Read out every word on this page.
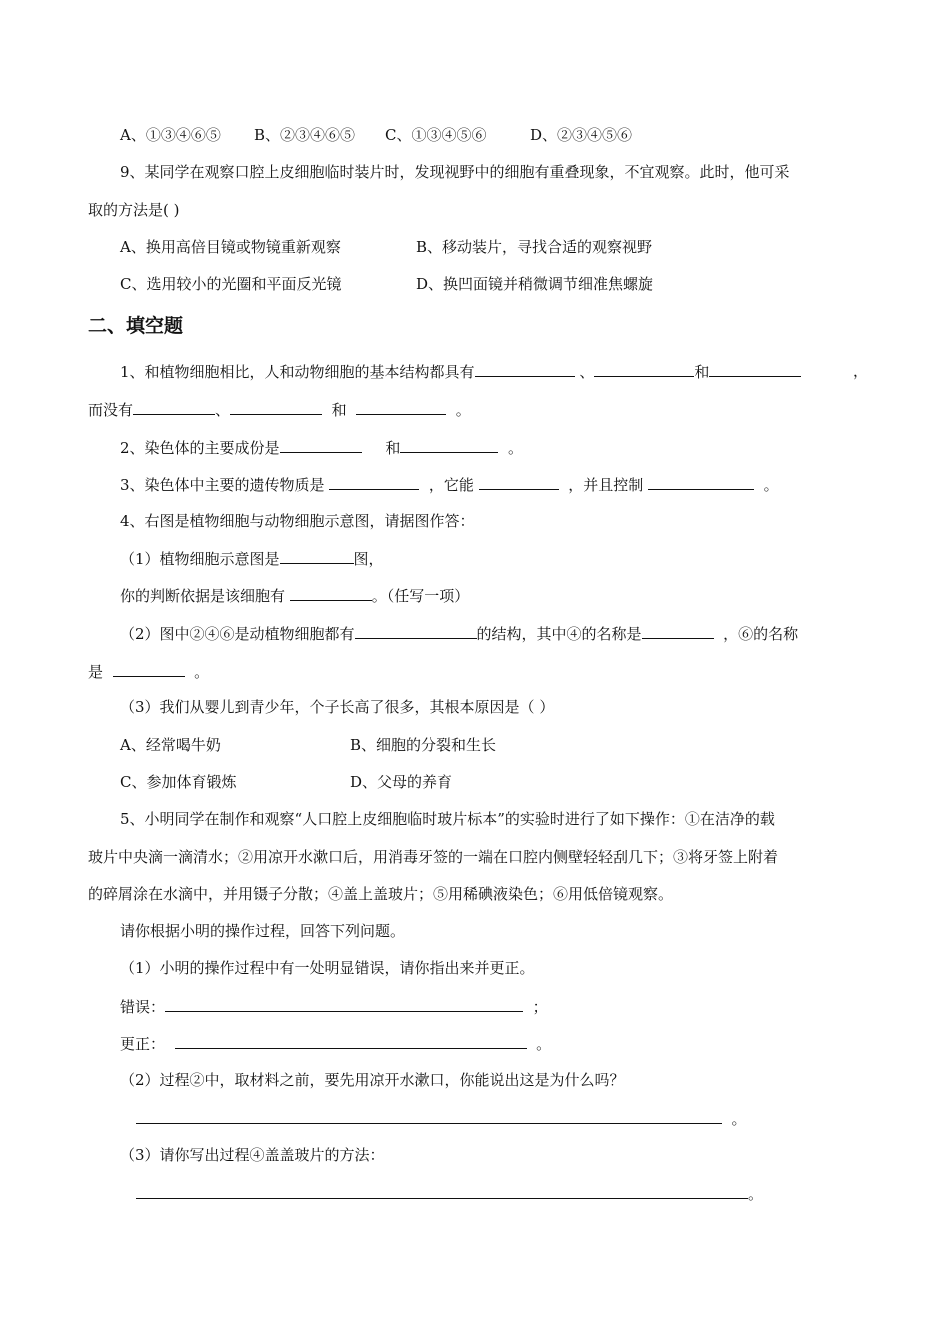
A、①③④⑥⑤ B、②③④⑥⑤ C、①③④⑤⑥	D、②③④⑤⑥
9、某同学在观察口腔上皮细胞临时装片时，发现视野中的细胞有重叠现象，不宜观察。此时，他可采
取的方法是( )
A、换用高倍目镜或物镜重新观察	B、移动装片，寻找合适的观察视野
C、选用较小的光圈和平面反光镜	D、换凹面镜并稍微调节细准焦螺旋
二、填空题
1、和植物细胞相比，人和动物细胞的基本结构都具有	、	和	，
而没有	、	和	。
2、染色体的主要成份是	和	。
3、染色体中主要的遗传物质是	，它能	，并且控制	。
4、右图是植物细胞与动物细胞示意图，请据图作答：
（1）植物细胞示意图是	图，
你的判断依据是该细胞有	。（任写一项）
（2）图中②④⑥是动植物细胞都有	的结构，其中④的名称是	，⑥的名称
是	。
（3）我们从婴儿到青少年，个子长高了很多，其根本原因是（ ）
A、经常喝牛奶	B、细胞的分裂和生长
C、参加体育锻炼	D、父母的养育
5、小明同学在制作和观察“人口腔上皮细胞临时玻片标本”的实验时进行了如下操作：①在洁净的载
玻片中央滴一滴清水；②用凉开水漱口后，用消毒牙签的一端在口腔内侧壁轻轻刮几下；③将牙签上附着
的碎屑涂在水滴中，并用镊子分散；④盖上盖玻片；⑤用稀碘液染色；⑥用低倍镜观察。
请你根据小明的操作过程，回答下列问题。
（1）小明的操作过程中有一处明显错误，请你指出来并更正。
错误：	；
更正：	。
（2）过程②中，取材料之前，要先用凉开水漱口，你能说出这是为什么吗？
。
（3）请你写出过程④盖盖玻片的方法：
。
